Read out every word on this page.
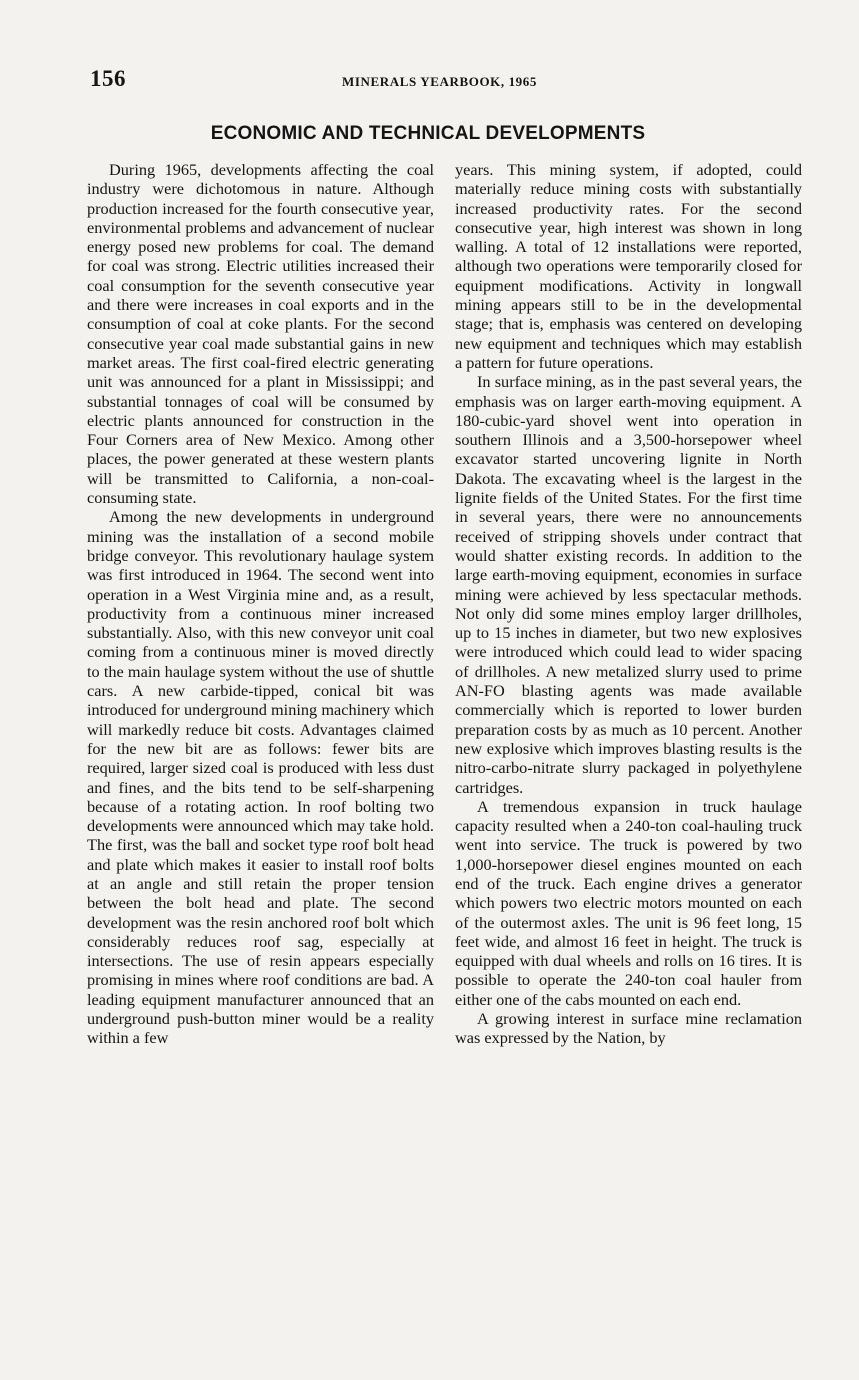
156	MINERALS YEARBOOK, 1965
ECONOMIC AND TECHNICAL DEVELOPMENTS

During 1965, developments affecting the coal industry were dichotomous in nature. Although production increased for the fourth consecutive year, environmental problems and advancement of nuclear energy posed new problems for coal. The demand for coal was strong. Electric utilities increased their coal consumption for the seventh consecutive year and there were increases in coal exports and in the consumption of coal at coke plants. For the second consecutive year coal made substantial gains in new market areas. The first coal-fired electric generating unit was announced for a plant in Mississippi; and substantial tonnages of coal will be consumed by electric plants announced for construction in the Four Corners area of New Mexico. Among other places, the power generated at these western plants will be transmitted to California, a non-coal-consuming state.

Among the new developments in underground mining was the installation of a second mobile bridge conveyor. This revolutionary haulage system was first introduced in 1964. The second went into operation in a West Virginia mine and, as a result, productivity from a continuous miner increased substantially. Also, with this new conveyor unit coal coming from a continuous miner is moved directly to the main haulage system without the use of shuttle cars. A new carbide-tipped, conical bit was introduced for underground mining machinery which will markedly reduce bit costs. Advantages claimed for the new bit are as follows: fewer bits are required, larger sized coal is produced with less dust and fines, and the bits tend to be self-sharpening because of a rotating action. In roof bolting two developments were announced which may take hold. The first, was the ball and socket type roof bolt head and plate which makes it easier to install roof bolts at an angle and still retain the proper tension between the bolt head and plate. The second development was the resin anchored roof bolt which considerably reduces roof sag, especially at intersections. The use of resin appears especially promising in mines where roof conditions are bad. A leading equipment manufacturer announced that an underground push-button miner would be a reality within a few

years. This mining system, if adopted, could materially reduce mining costs with substantially increased productivity rates. For the second consecutive year, high interest was shown in long walling. A total of 12 installations were reported, although two operations were temporarily closed for equipment modifications. Activity in longwall mining appears still to be in the developmental stage; that is, emphasis was centered on developing new equipment and techniques which may establish a pattern for future operations.

In surface mining, as in the past several years, the emphasis was on larger earth-moving equipment. A 180-cubic-yard shovel went into operation in southern Illinois and a 3,500-horsepower wheel excavator started uncovering lignite in North Dakota. The excavating wheel is the largest in the lignite fields of the United States. For the first time in several years, there were no announcements received of stripping shovels under contract that would shatter existing records. In addition to the large earth-moving equipment, economies in surface mining were achieved by less spectacular methods. Not only did some mines employ larger drillholes, up to 15 inches in diameter, but two new explosives were introduced which could lead to wider spacing of drillholes. A new metalized slurry used to prime AN-FO blasting agents was made available commercially which is reported to lower burden preparation costs by as much as 10 percent. Another new explosive which improves blasting results is the nitro-carbo-nitrate slurry packaged in polyethylene cartridges.

A tremendous expansion in truck haulage capacity resulted when a 240-ton coal-hauling truck went into service. The truck is powered by two 1,000-horsepower diesel engines mounted on each end of the truck. Each engine drives a generator which powers two electric motors mounted on each of the outermost axles. The unit is 96 feet long, 15 feet wide, and almost 16 feet in height. The truck is equipped with dual wheels and rolls on 16 tires. It is possible to operate the 240-ton coal hauler from either one of the cabs mounted on each end.

A growing interest in surface mine reclamation was expressed by the Nation, by
